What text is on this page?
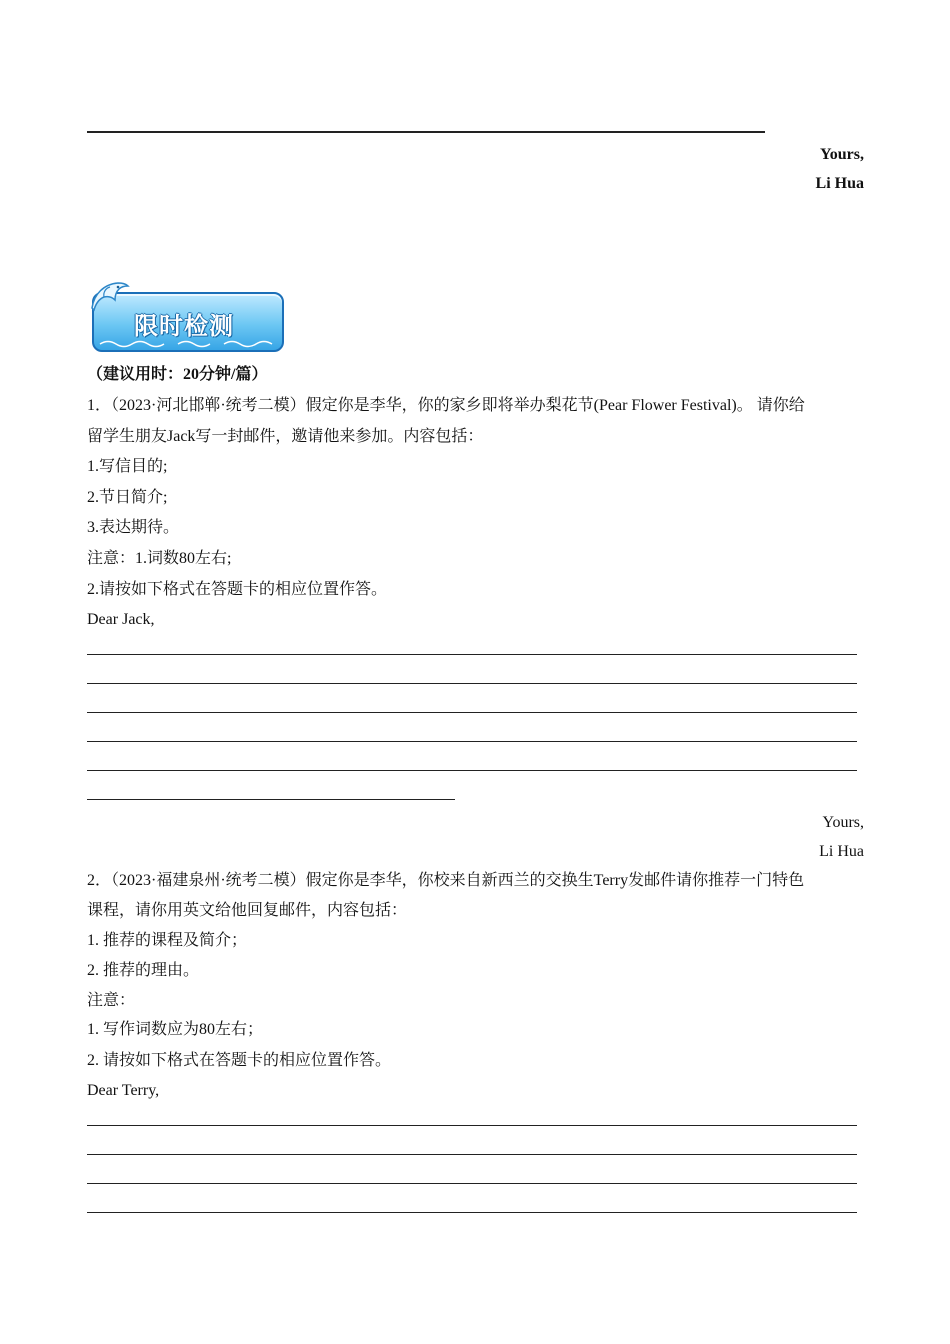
Yours,
Li Hua
限时检测
（建议用时：20分钟/篇）
1．（2023·河北邯郸·统考二模）假定你是李华，你的家乡即将举办梨花节(Pear Flower Festival)。 请你给
留学生朋友Jack写一封邮件，邀请他来参加。内容包括：
1.写信目的;
2.节日简介;
3.表达期待。
注意：1.词数80左右;
2.请按如下格式在答题卡的相应位置作答。
Dear Jack,
Yours,
Li Hua
2．（2023·福建泉州·统考二模）假定你是李华，你校来自新西兰的交换生Terry发邮件请你推荐一门特色
课程，请你用英文给他回复邮件，内容包括：
1. 推荐的课程及简介；
2. 推荐的理由。
注意：
1. 写作词数应为80左右；
2. 请按如下格式在答题卡的相应位置作答。
Dear Terry,
